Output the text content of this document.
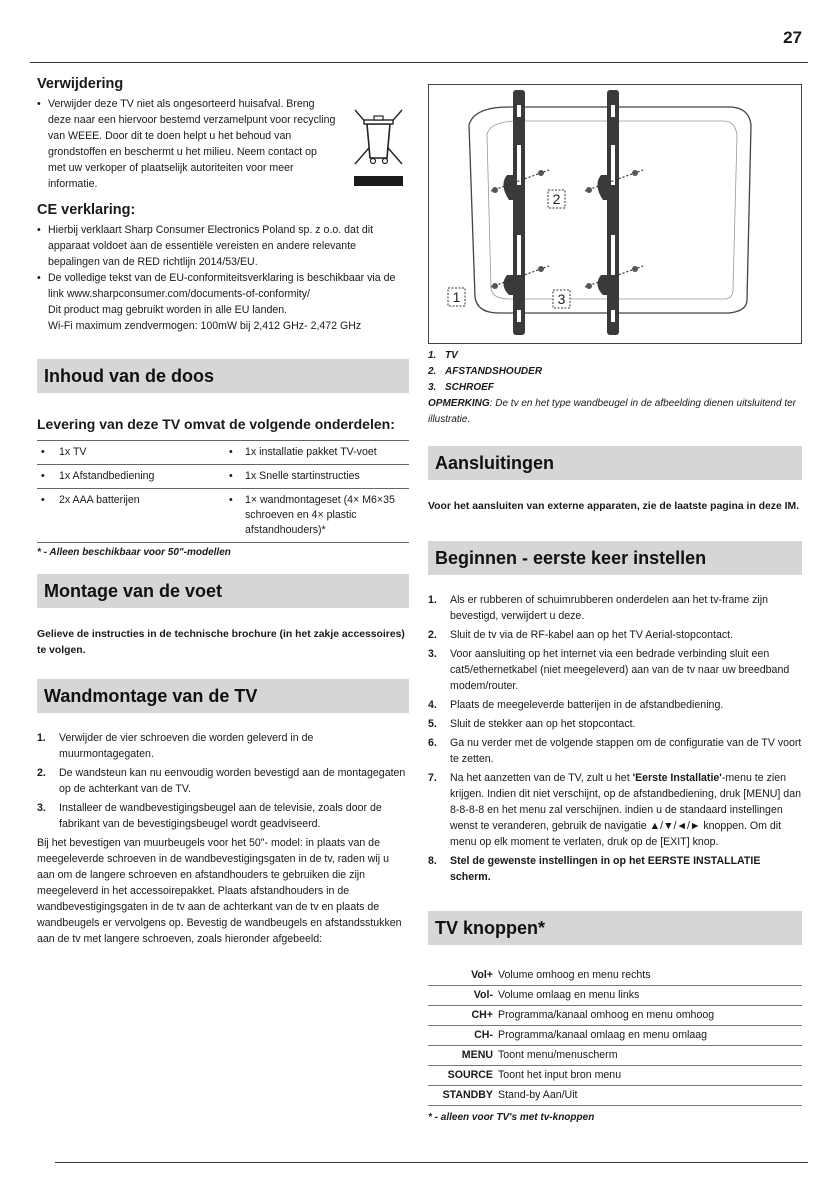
27
Verwijdering
• Verwijder deze TV niet als ongesorteerd huisafval. Breng deze naar een hiervoor bestemd verzamelpunt voor recycling van WEEE. Door dit te doen helpt u het behoud van grondstoffen en beschermt u het milieu. Neem contact op met uw verkoper of plaatselijk autoriteiten voor meer informatie.
CE verklaring:
• Hierbij verklaart Sharp Consumer Electronics Poland sp. z o.o. dat dit apparaat voldoet aan de essentiële vereisten en andere relevante bepalingen van de RED richtlijn 2014/53/EU.
• De volledige tekst van de EU-conformiteitsverklaring is beschikbaar via de link www.sharpconsumer.com/documents-of-conformity/
Dit product mag gebruikt worden in alle EU landen.
Wi-Fi maximum zendvermogen: 100mW bij 2,412 GHz- 2,472 GHz
Inhoud van de doos
Levering van deze TV omvat de volgende onderdelen:
•	1x TV	•	1x installatie pakket TV-voet
•	1x Afstandbediening	•	1x Snelle startinstructies
•	2x AAA batterijen	•	1× wandmontageset (4× M6×35 schroeven en 4× plastic afstandhouders)*
* - Alleen beschikbaar voor 50"-modellen
Montage van de voet
Gelieve de instructies in de technische brochure (in het zakje accessoires) te volgen.
Wandmontage van de TV
1. Verwijder de vier schroeven die worden geleverd in de muurmontagegaten.
2. De wandsteun kan nu eenvoudig worden bevestigd aan de montagegaten op de achterkant van de TV.
3. Installeer de wandbevestigingsbeugel aan de televisie, zoals door de fabrikant van de bevestigingsbeugel wordt geadviseerd.

Bij het bevestigen van muurbeugels voor het 50"- model: in plaats van de meegeleverde schroeven in de wandbevestigingsgaten in de tv, raden wij u aan om de langere schroeven en afstandhouders te gebruiken die zijn meegeleverd in het accessoirepakket. Plaats afstandhouders in de wandbevestigingsgaten in de tv aan de achterkant van de tv en plaats de wandbeugels er vervolgens op. Bevestig de wandbeugels en afstandsstukken aan de tv met langere schroeven, zoals hieronder afgebeeld:

2
1	3
1. TV
2. AFSTANDSHOUDER
3. SCHROEF

OPMERKING: De tv en het type wandbeugel in de afbeelding dienen uitsluitend ter illustratie.

Aansluitingen
Voor het aansluiten van externe apparaten, zie de laatste pagina in deze IM.
Beginnen - eerste keer instellen
1. Als er rubberen of schuimrubberen onderdelen aan het tv-frame zijn bevestigd, verwijdert u deze.
2. Sluit de tv via de RF-kabel aan op het TV Aerial-stopcontact.
3. Voor aansluiting op het internet via een bedrade verbinding sluit een cat5/ethernetkabel (niet meegeleverd) aan van de tv naar uw breedband modem/router.
4. Plaats de meegeleverde batterijen in de afstandbediening.
5. Sluit de stekker aan op het stopcontact.
6. Ga nu verder met de volgende stappen om de configuratie van de TV voort te zetten.
7. Na het aanzetten van de TV, zult u het 'Eerste Installatie'-menu te zien krijgen. Indien dit niet verschijnt, op de afstandbediening, druk [MENU] dan 8-8-8-8 en het menu zal verschijnen. indien u de standaard instellingen wenst te veranderen, gebruik de navigatie ▲/▼/◄/► knoppen. Om dit menu op elk moment te verlaten, druk op de [EXIT] knop.
8. Stel de gewenste instellingen in op het EERSTE INSTALLATIE scherm.
TV knoppen*
Vol+	Volume omhoog en menu rechts
Vol-	Volume omlaag en menu links
CH+	Programma/kanaal omhoog en menu omhoog
CH-	Programma/kanaal omlaag en menu omlaag
MENU	Toont menu/menuscherm
SOURCE	Toont het input bron menu
STANDBY	Stand-by Aan/Uit
* - alleen voor TV's met tv-knoppen
